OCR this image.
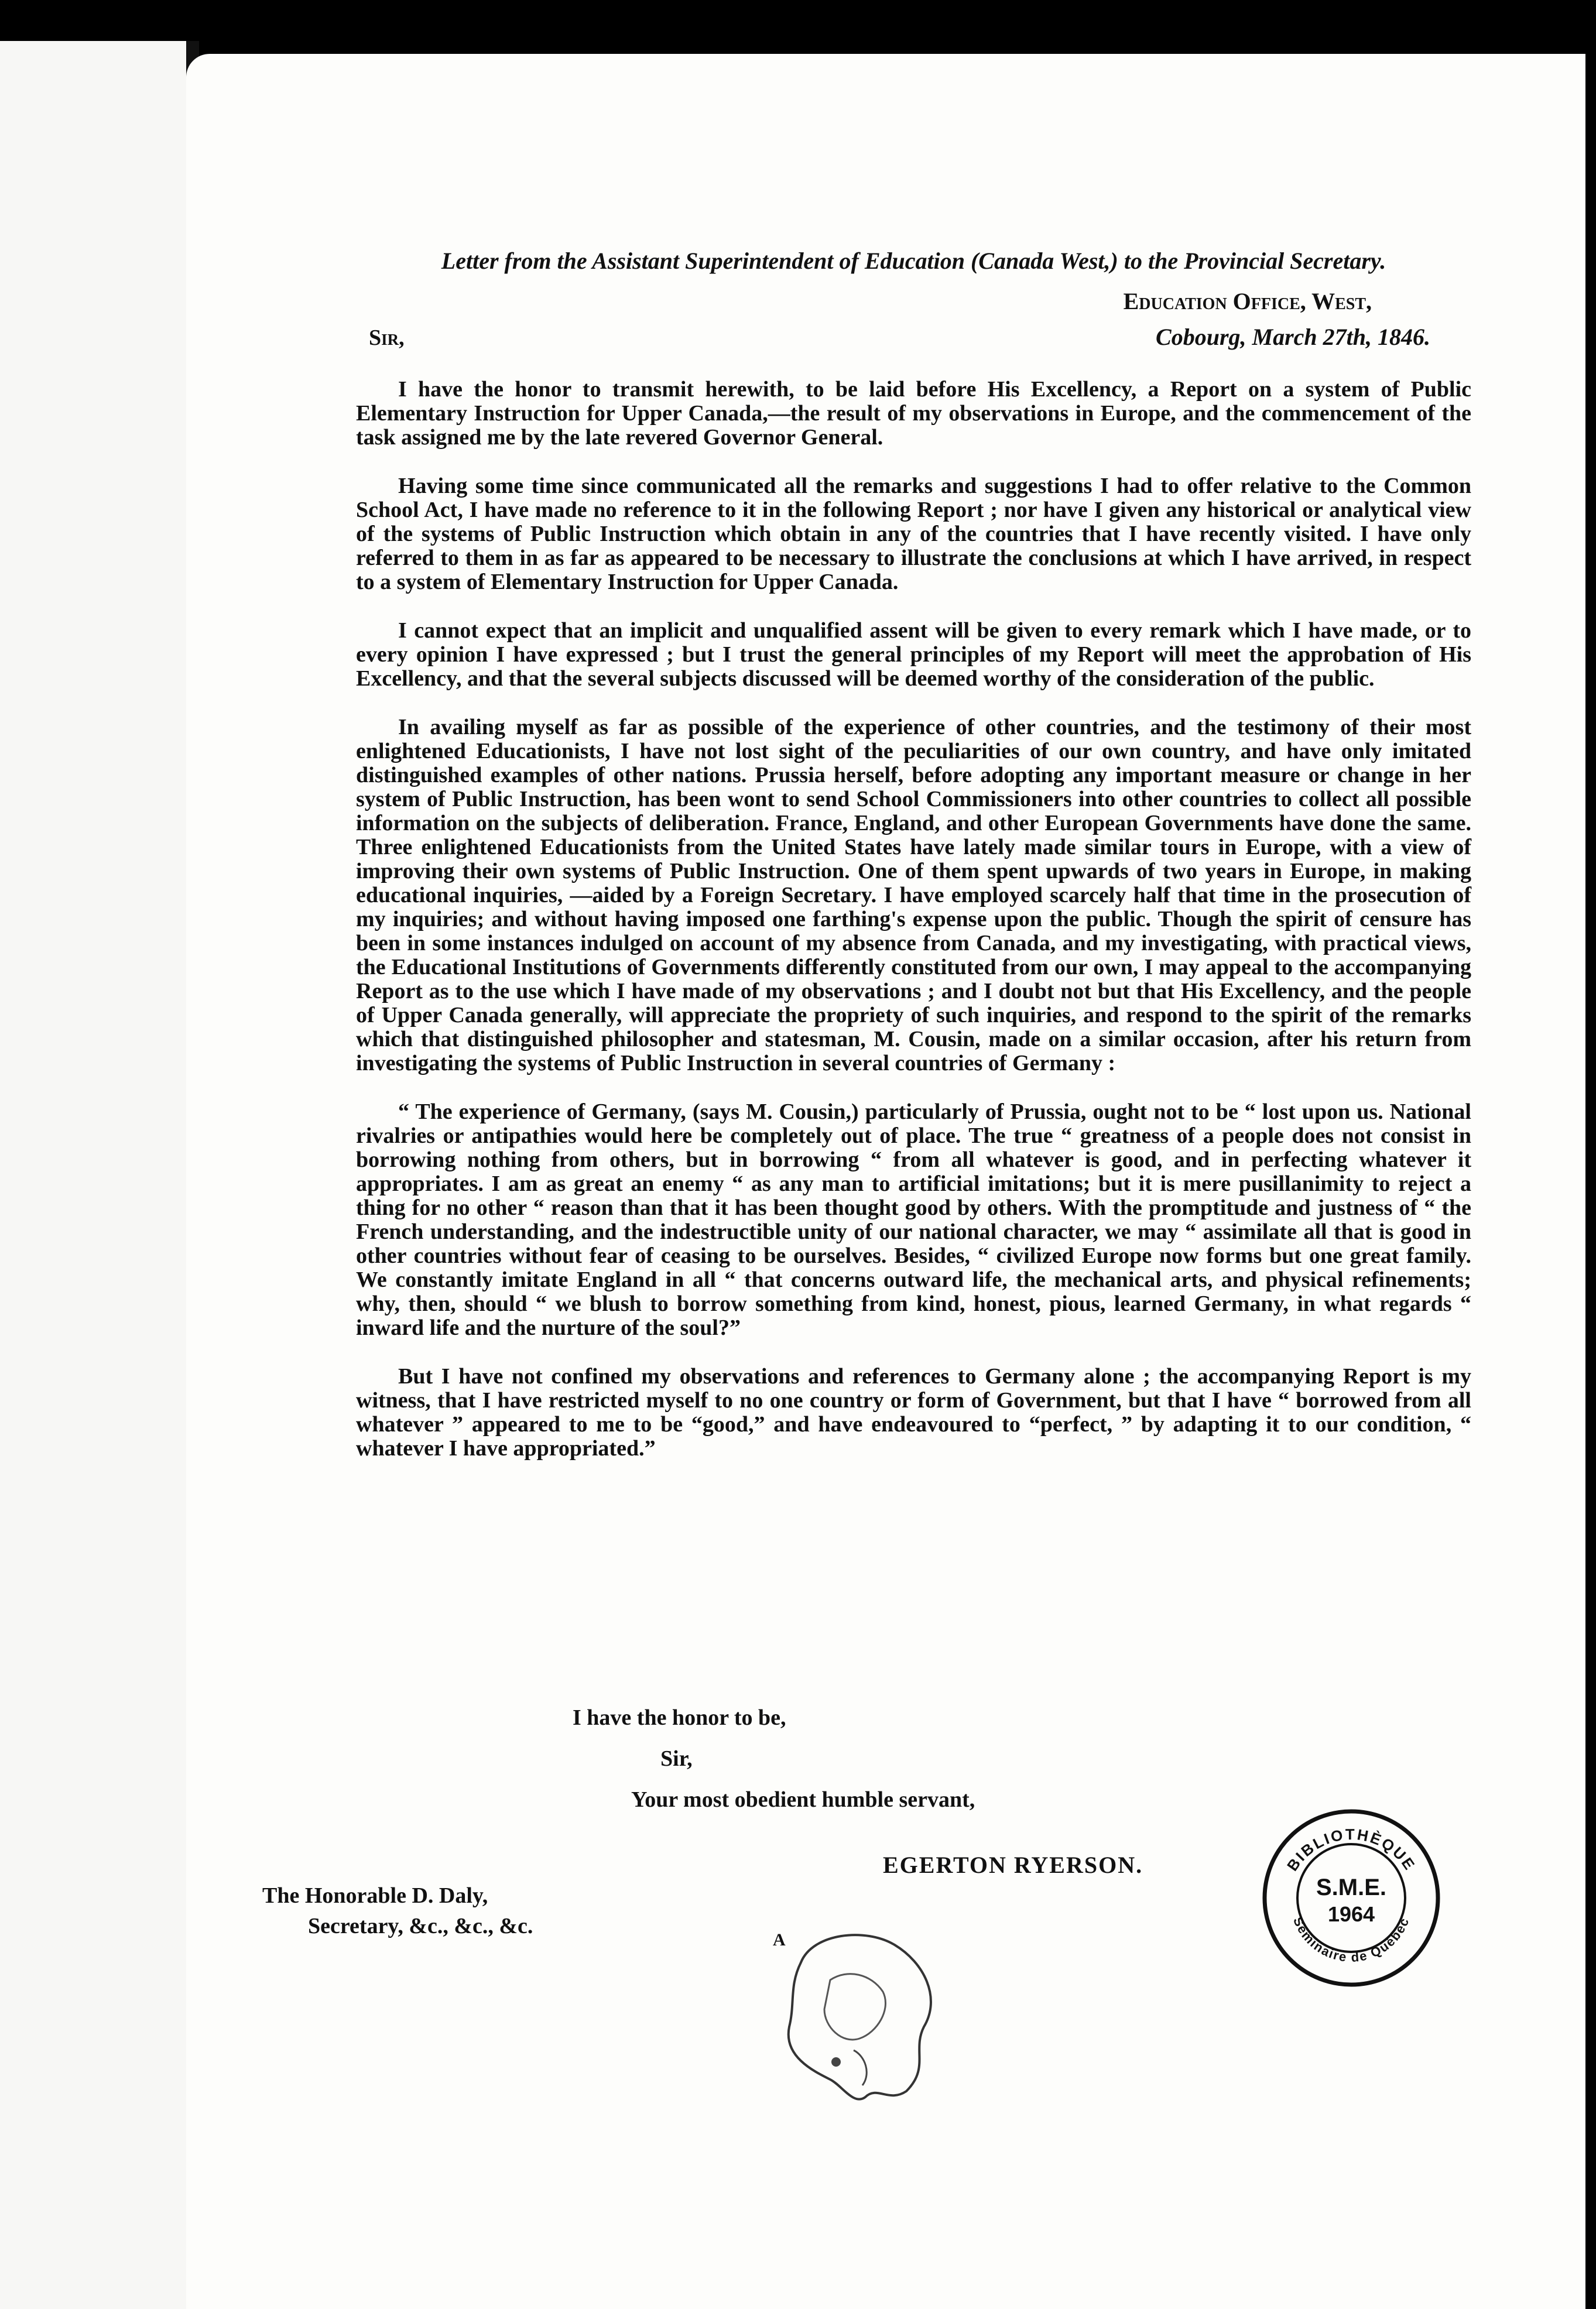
Letter from the Assistant Superintendent of Education (Canada West,) to the Provincial Secretary.
Education Office, West,
Sir,	Cobourg, March 27th, 1846.

I have the honor to transmit herewith, to be laid before His Excellency, a Report on a system of Public Elementary Instruction for Upper Canada,—the result of my observations in Europe, and the commencement of the task assigned me by the late revered Governor General.

Having some time since communicated all the remarks and suggestions I had to offer relative to the Common School Act, I have made no reference to it in the following Report ; nor have I given any historical or analytical view of the systems of Public Instruction which obtain in any of the countries that I have recently visited. I have only referred to them in as far as appeared to be necessary to illustrate the conclusions at which I have arrived, in respect to a system of Elementary Instruction for Upper Canada.

I cannot expect that an implicit and unqualified assent will be given to every remark which I have made, or to every opinion I have expressed ; but I trust the general principles of my Report will meet the approbation of His Excellency, and that the several subjects discussed will be deemed worthy of the consideration of the public.

In availing myself as far as possible of the experience of other countries, and the testimony of their most enlightened Educationists, I have not lost sight of the peculiarities of our own country, and have only imitated distinguished examples of other nations. Prussia herself, before adopting any important measure or change in her system of Public Instruction, has been wont to send School Commissioners into other countries to collect all possible information on the subjects of deliberation. France, England, and other European Governments have done the same. Three enlightened Educationists from the United States have lately made similar tours in Europe, with a view of improving their own systems of Public Instruction. One of them spent upwards of two years in Europe, in making educational inquiries, —aided by a Foreign Secretary. I have employed scarcely half that time in the prosecution of my inquiries; and without having imposed one farthing's expense upon the public. Though the spirit of censure has been in some instances indulged on account of my absence from Canada, and my investigating, with practical views, the Educational Institutions of Governments differently constituted from our own, I may appeal to the accompanying Report as to the use which I have made of my observations ; and I doubt not but that His Excellency, and the people of Upper Canada generally, will appreciate the propriety of such inquiries, and respond to the spirit of the remarks which that distinguished philosopher and statesman, M. Cousin, made on a similar occasion, after his return from investigating the systems of Public Instruction in several countries of Germany :

“ The experience of Germany, (says M. Cousin,) particularly of Prussia, ought not to be “ lost upon us. National rivalries or antipathies would here be completely out of place. The true “ greatness of a people does not consist in borrowing nothing from others, but in borrowing “ from all whatever is good, and in perfecting whatever it appropriates. I am as great an enemy “ as any man to artificial imitations; but it is mere pusillanimity to reject a thing for no other “ reason than that it has been thought good by others. With the promptitude and justness of “ the French understanding, and the indestructible unity of our national character, we may “ assimilate all that is good in other countries without fear of ceasing to be ourselves. Besides, “ civilized Europe now forms but one great family. We constantly imitate England in all “ that concerns outward life, the mechanical arts, and physical refinements; why, then, should “ we blush to borrow something from kind, honest, pious, learned Germany, in what regards “ inward life and the nurture of the soul?”

But I have not confined my observations and references to Germany alone ; the accompanying Report is my witness, that I have restricted myself to no one country or form of Government, but that I have “ borrowed from all whatever ” appeared to me to be “good,” and have endeavoured to “perfect, ” by adapting it to our condition, “ whatever I have appropriated.”

I have the honor to be,
Sir,
Your most obedient humble servant,
EGERTON RYERSON.
The Honorable D. Daly,
Secretary, &c., &c., &c.
A
BIBLIOTHÈQUE
Séminaire de Québec
S.M.E.
1964
